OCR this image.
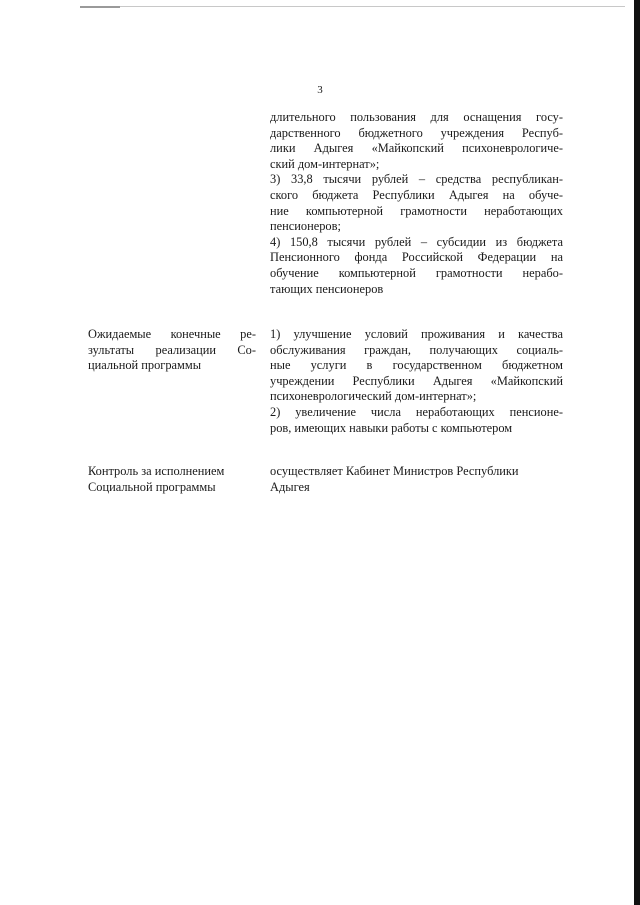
3
длительного пользования для оснащения госу-
дарственного бюджетного учреждения Респуб-
лики Адыгея «Майкопский психоневрологиче-
ский дом-интернат»;
3) 33,8 тысячи рублей – средства республикан-
ского бюджета Республики Адыгея на обуче-
ние компьютерной грамотности неработающих
пенсионеров;
4) 150,8 тысячи рублей – субсидии из бюджета
Пенсионного фонда Российской Федерации на
обучение компьютерной грамотности нерабо-
тающих пенсионеров
Ожидаемые конечные ре-
зультаты реализации Со-
циальной программы
1) улучшение условий проживания и качества
обслуживания граждан, получающих социаль-
ные услуги в государственном бюджетном
учреждении Республики Адыгея «Майкопский
психоневрологический дом-интернат»;
2) увеличение числа неработающих пенсионе-
ров, имеющих навыки работы с компьютером
Контроль за исполнением
Социальной программы
осуществляет Кабинет Министров Республики
Адыгея
